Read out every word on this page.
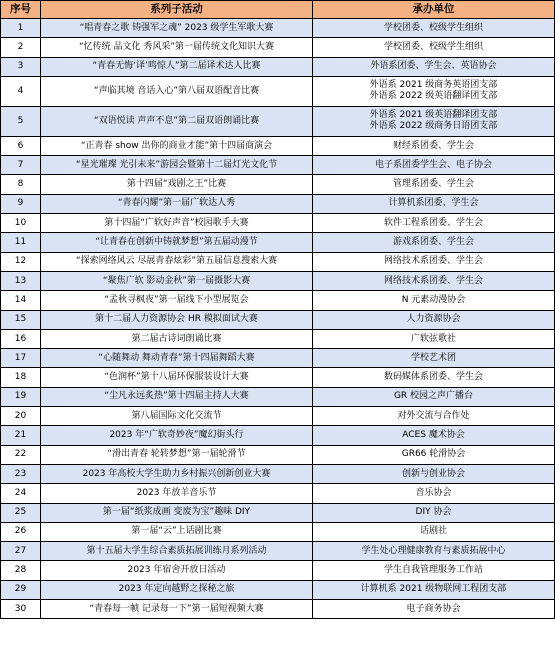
序号	系列子活动	承办单位
1	“唱青春之歌 铸强军之魂” 2023 级学生军歌大赛	学校团委、校级学生组织

2	“忆传统 品文化 秀风采”第一届传统文化知识大赛	学校团委、校级学生组织

3	“青春无悔‘译’鸣惊人”第二届译术达人比赛	外语系团委、学生会、英语协会

4	“声临其境 音话入心”第八届双语配音比赛	外语系 2021 级商务英语团支部
外语系 2022 级英语翻译团支部

5	“双语悦读 声声不息”第二届双语朗诵比赛	外语系 2021 级英语翻译团支部
外语系 2022 级商务日语团支部

6	“正青春 show 出你的商业才能”第十四届商演会	财经系团委、学生会

7	“星光璀璨 光引未来”游园会暨第十二届灯光文化节	电子系团委学生会、电子协会

8	第十四届“戏剧之王”比赛	管理系团委、学生会

9	“青春闪耀”第一届广软达人秀	计算机系团委、学生会

10	第十四届“广软好声音”校园歌手大赛	软件工程系团委、学生会

11	“让青春在创新中铸就梦想”第五届动漫节	游戏系团委、学生会

12	“探索网络风云 尽展青春炫彩”第五届信息搜索大赛	网络技术系团委、学生会

13	“聚焦广软 影动金秋”第一届摄影大赛	网络技术系团委、学生会

14	“孟秋寻枫夜”第一届线下小型展览会	N 元素动漫协会

15	第十二届人力资源协会 HR 模拟面试大赛	人力资源协会

16	第二届古诗词朗诵比赛	广软弦歌社

17	“心随舞动 舞动青春”第十四届舞蹈大赛	学校艺术团

18	“色润杯”第十八届环保服装设计大赛	数码媒体系团委、学生会

19	“尘凡永远炙热”第十四届主持人大赛	GR 校园之声广播台

20	第八届国际文化交流节	对外交流与合作处

21	2023 年“广软奇妙夜”魔幻街头行	ACES 魔术协会

22	“滑出青春 轮转梦想”第一届轮滑节	GR66 轮滑协会

23	2023 年高校大学生助力乡村振兴创新创业大赛	创新与创业协会

24	2023 年放羊音乐节	音乐协会

25	第一届“纸浆成画 变废为宝”趣味 DIY	DIY 协会

26	第一届“云”上话剧比赛	话剧社

27	第十五届大学生综合素质拓展训练月系列活动	学生处心理健康教育与素质拓展中心

28	2023 年宿舍开放日活动	学生自我管理服务工作站

29	2023 年定向越野之探秘之旅	计算机系 2021 级物联网工程团支部

30	“青春每一帧 记录每一下”第一届短视频大赛	电子商务协会
